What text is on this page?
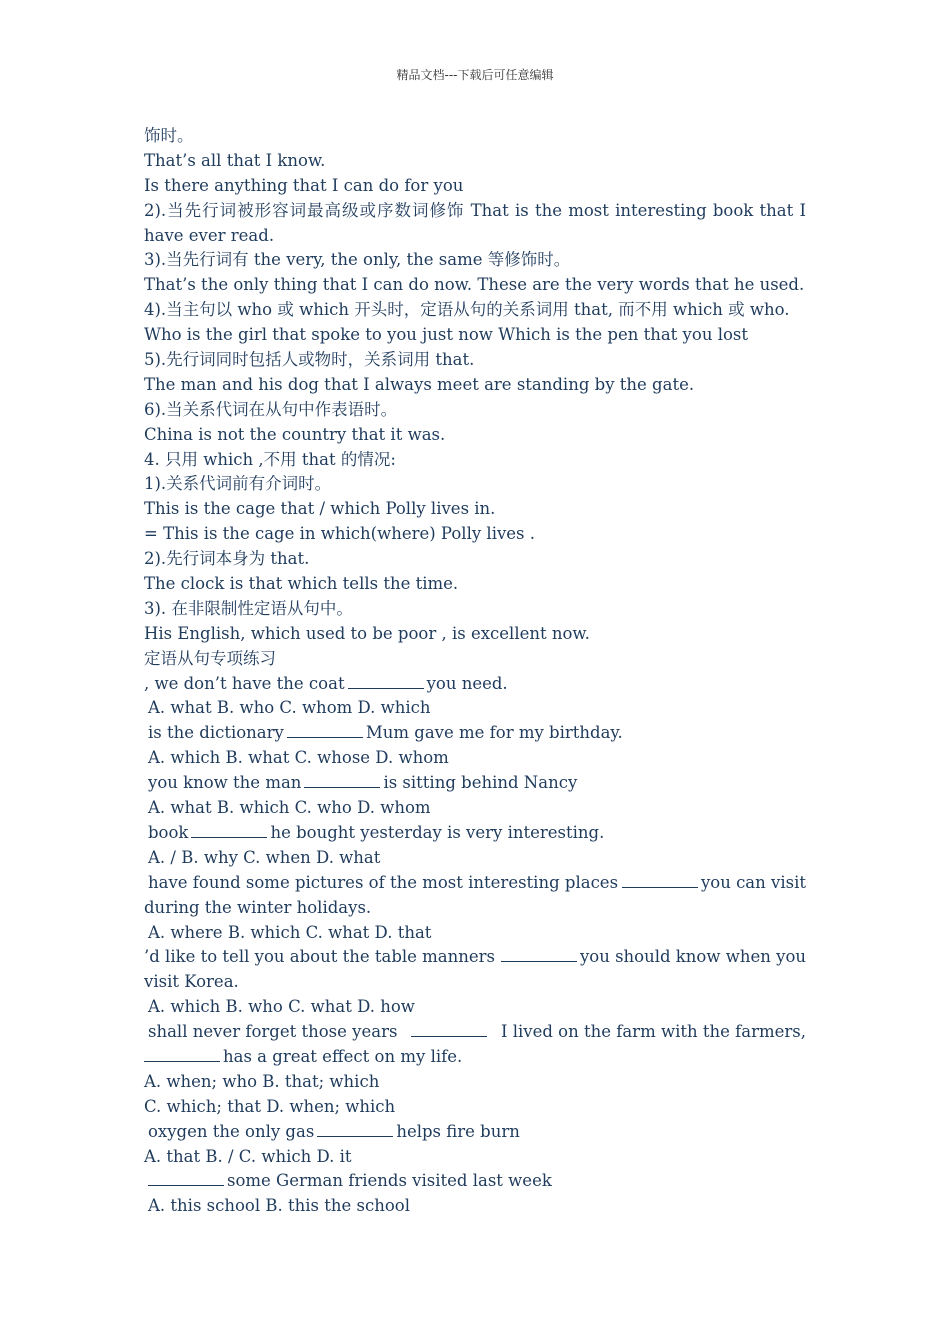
精品文档---下载后可任意编辑
饰时。
That’s all that I know.
Is there anything that I can do for you
2).当先行词被形容词最高级或序数词修饰 That is the most interesting book that I
have ever read.
3).当先行词有 the very, the only, the same 等修饰时。
That’s the only thing that I can do now. These are the very words that he used.
4).当主句以 who 或 which 开头时，定语从句的关系词用 that, 而不用 which 或 who.
Who is the girl that spoke to you just now Which is the pen that you lost
5).先行词同时包括人或物时，关系词用 that.
The man and his dog that I always meet are standing by the gate.
6).当关系代词在从句中作表语时。
China is not the country that it was.
4. 只用 which ,不用 that 的情况:
1).关系代词前有介词时。
This is the cage that / which Polly lives in.
= This is the cage in which(where) Polly lives .
2).先行词本身为 that.
The clock is that which tells the time.
3). 在非限制性定语从句中。
His English, which used to be poor , is excellent now.
定语从句专项练习
, we don’t have the coat	you need.
A. what B. who C. whom D. which
is the dictionary	Mum gave me for my birthday.
A. which B. what C. whose D. whom
you know the man	is sitting behind Nancy
A. what B. which C. who D. whom
book	he bought yesterday is very interesting.
A. / B. why C. when D. what
have found some pictures of the most interesting places	you can visit
during the winter holidays.
A. where B. which C. what D. that
’d like to tell you about the table manners	you should know when you
visit Korea.
A. which B. who C. what D. how
shall never forget those years	I lived on the farm with the farmers,
has a great effect on my life.
A. when; who B. that; which
C. which; that D. when; which
oxygen the only gas	helps fire burn
A. that B. / C. which D. it
some German friends visited last week
A. this school B. this the school
